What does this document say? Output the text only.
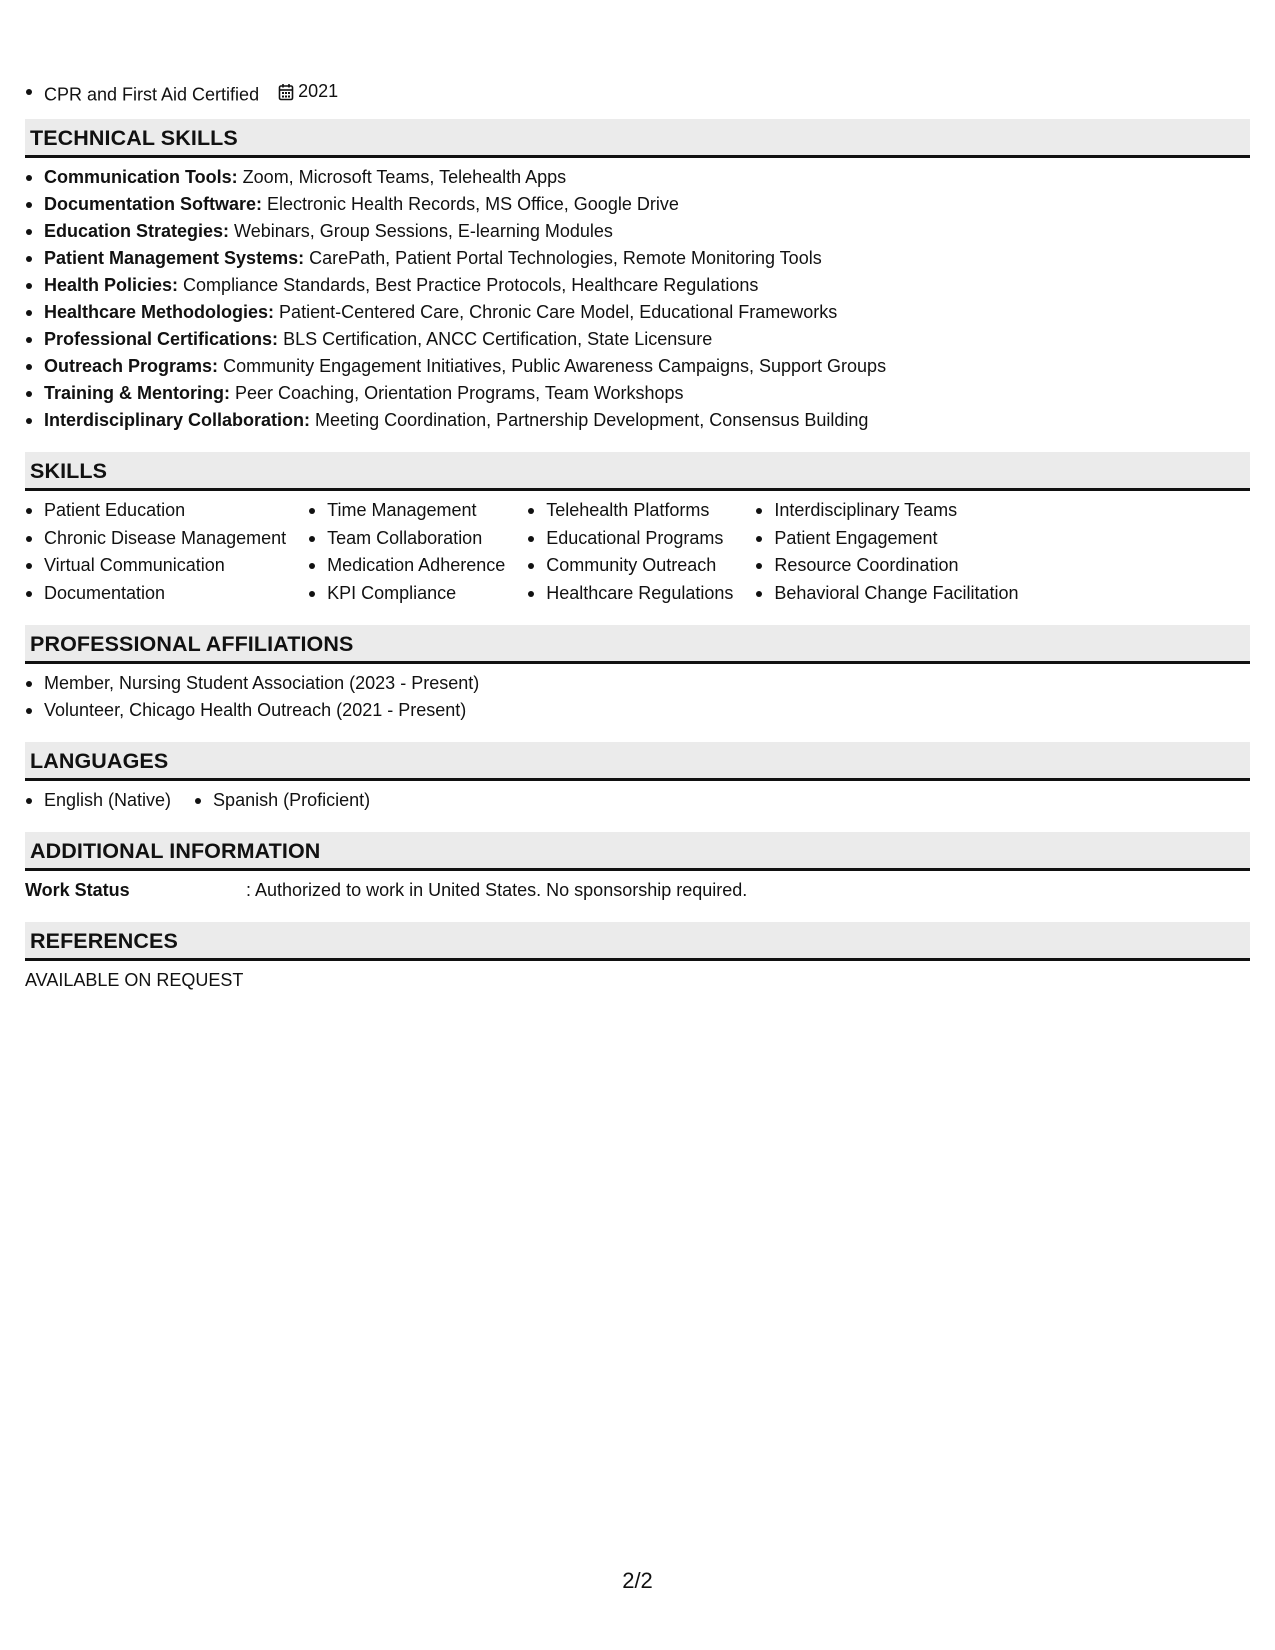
CPR and First Aid Certified 2021
TECHNICAL SKILLS
Communication Tools: Zoom, Microsoft Teams, Telehealth Apps
Documentation Software: Electronic Health Records, MS Office, Google Drive
Education Strategies: Webinars, Group Sessions, E-learning Modules
Patient Management Systems: CarePath, Patient Portal Technologies, Remote Monitoring Tools
Health Policies: Compliance Standards, Best Practice Protocols, Healthcare Regulations
Healthcare Methodologies: Patient-Centered Care, Chronic Care Model, Educational Frameworks
Professional Certifications: BLS Certification, ANCC Certification, State Licensure
Outreach Programs: Community Engagement Initiatives, Public Awareness Campaigns, Support Groups
Training & Mentoring: Peer Coaching, Orientation Programs, Team Workshops
Interdisciplinary Collaboration: Meeting Coordination, Partnership Development, Consensus Building
SKILLS
Patient Education
Chronic Disease Management
Virtual Communication
Documentation
Time Management
Team Collaboration
Medication Adherence
KPI Compliance
Telehealth Platforms
Educational Programs
Community Outreach
Healthcare Regulations
Interdisciplinary Teams
Patient Engagement
Resource Coordination
Behavioral Change Facilitation
PROFESSIONAL AFFILIATIONS
Member, Nursing Student Association (2023 - Present)
Volunteer, Chicago Health Outreach (2021 - Present)
LANGUAGES
English (Native)	Spanish (Proficient)
ADDITIONAL INFORMATION
Work Status	: Authorized to work in United States. No sponsorship required.
REFERENCES
AVAILABLE ON REQUEST
2/2
